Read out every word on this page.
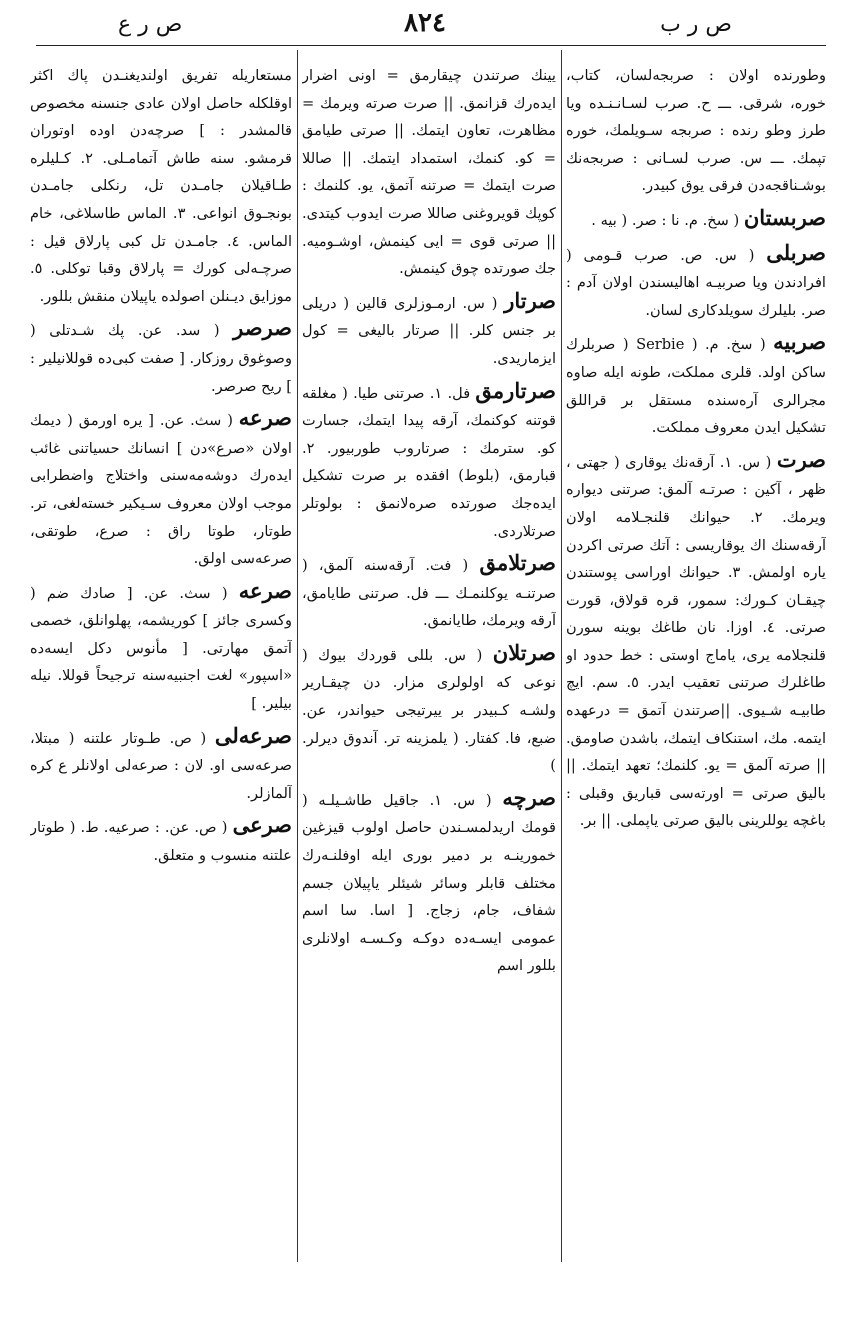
ص ر ع	٨٢٤	ص ر ب
وطورنده اولان : صربجه‌لسان، کتاب، خوره، شرقی. ـــ ح. صرب لسـانـنـده ویا طرز وطو رنده : صربجه سـویلمك، خوره تپمك. ـــ س. صرب لسـانی : صربجه‌نك بوشـناقجه‌دن فرقی یوق کبیدر.
صربستان ( سخ. م. نا : صر. ( بیه .
صربلی ( س. ص. صرب قـومی ( افرادندن ویا صربیـه اهالیسندن اولان آدم : صر. بلیلرك سویلدکاری لسان.
صربیه ( سخ. م. ( Serbie ( صربلرك ساکن اولد. قلری مملکت، طونه ایله صاوه مجرالری آره‌سنده مستقل بر قراللق تشکیل ایدن معروف مملکت.
صرت ( س. ١. آرقه‌نك یوقاری ( جهتی ، ظهر ، آکین : صرتـه آلمق: صرتنی دیواره ویرمك. ٢. حیوانك قلنجـلامه اولان آرقه‌سنك اك یوقاریسی : آتك صرتی اکردن یاره اولمش. ٣. حیوانك اوراسی پوستندن چیقـان کـورك: سمور، قره قولاق، قورت صرتی. ٤. اوزا. نان طاغك بوینه سورن قلنجلامه یری، یاماج اوستی : خط حدود او طاغلرك صرتنی تعقیب ایدر. ٥. سم. ایچ طابیـه شـیوی. ||صرتندن آتمق = درعهده ایتمه. مك، استنکاف ایتمك، باشدن صاومق. || صرته آلمق = یو. کلنمك؛ تعهد ایتمك. || بالیق صرتی = اورته‌سی قباریق وقبلی : باغچه یوللرینی بالیق صرتی یاپملی. || بر.
یینك صرتندن چیقارمق = اونی اضرار ایده‌رك قزانمق. || صرت صرته ویرمك = مظاهرت، تعاون ایتمك. || صرتی طیامق = کو. کنمك، استمداد ایتمك. || صاللا صرت ایتمك = صرتنه آتمق، یو. کلنمك : کوپك قویروغنی صاللا صرت ایدوب کیتدی. || صرتی قوی = ایی کینمش، اوشـومیه. جك صورتده چوق کینمش.
صرتار ( س. ارمـوزلری قالین ( دریلی بر جنس کلر. || صرتار بالیغی = کول ایزماریدی.
صرتارمق فل. ١. صرتنی طیا. ( مغلقه قوتنه کوکنمك، آرقه پیدا ایتمك، جسارت کو. سترمك : صرتاروب طوربیور. ٢. قبارمق، (بلوط) افقده بر صرت تشکیل ایده‌جك صورتده صره‌لانمق : بولوتلر صرتلاردی.
صرتلامق ( فت. آرقه‌سنه آلمق، ( صرتنـه یوکلنمـك ـــ فل. صرتنی طایامق، آرقه ویرمك، طایانمق.
صرتلان ( س. بللی قوردك بیوك ( نوعی که اولولری مزار. دن چیقـاریر ولشـه کـبیدر بر ییرتیجی حیواندر، عن. ضبع، فا. کفتار. ( یلمزینه تر. آندوق دیرلر. )
صرچه ( س. ١. جاقیل طاشـیلـه ( قومك اریدلمسـندن حاصل اولوب قیزغین خمورینـه بر دمیر بوری ایله اوفلنـه‌رك مختلف قابلر وسائر شیئلر یاپیلان جسم شفاف، جام، زجاج. [ اسا. سا اسم عمومی ایسـه‌ده دوکـه وکـسـه اولانلری بللور اسم
مستعاریله تفریق اولندیغنـدن پاك اکثر اوقلکله حاصل اولان عادی جنسنه مخصوص قالمشدر : ] صرچه‌دن اوده اوتوران قرمشو. سنه طاش آتمامـلی. ٢. کـلیلره طـاقیلان جامـدن تل، رنکلی جامـدن بونجـوق انواعی. ٣. الماس طاسلاغی، خام الماس. ٤. جامـدن تل کبی پارلاق قیل : صرچـه‌لی کورك = پارلاق وقبا توکلی. ٥. موزایق دیـنلن اصولده یاپیلان منقش بللور.
صرصر ( سد. عن. پك شـدتلی ( وصوغوق روزکار. [ صفت کبی‌ده قوللانیلیر : ] ریح صرصر.
صرعه ( سث. عن. [ یره اورمق ( دیمك اولان «صرع»دن ] انسانك حسیاتنی غائب ایده‌رك دوشه‌مه‌سنی واختلاج واضطرابی موجب اولان معروف سـیکیر خسته‌لغی، تر. طوتار، طوتا راق : صرع، طوتقی، صرعه‌سی اولق.
صرعه ( سث. عن. [ صادك ضم ( وکسری جائز ] کوریشمه، پهلوانلق، خصمی آتمق مهارتی. [ مأنوس دکل ایسه‌ده «اسپور» لغت اجنبیه‌سنه ترجیحاً قوللا. نیله بیلیر. ]
صرعه‌لی ( ص. طـوتار علتنه ( مبتلا، صرعه‌سی او. لان : صرعه‌لی اولانلر ع کره آلمازلر.
صرعی ( ص. عن. : صرعیه. ط. ( طوتار علتنه منسوب و متعلق.
